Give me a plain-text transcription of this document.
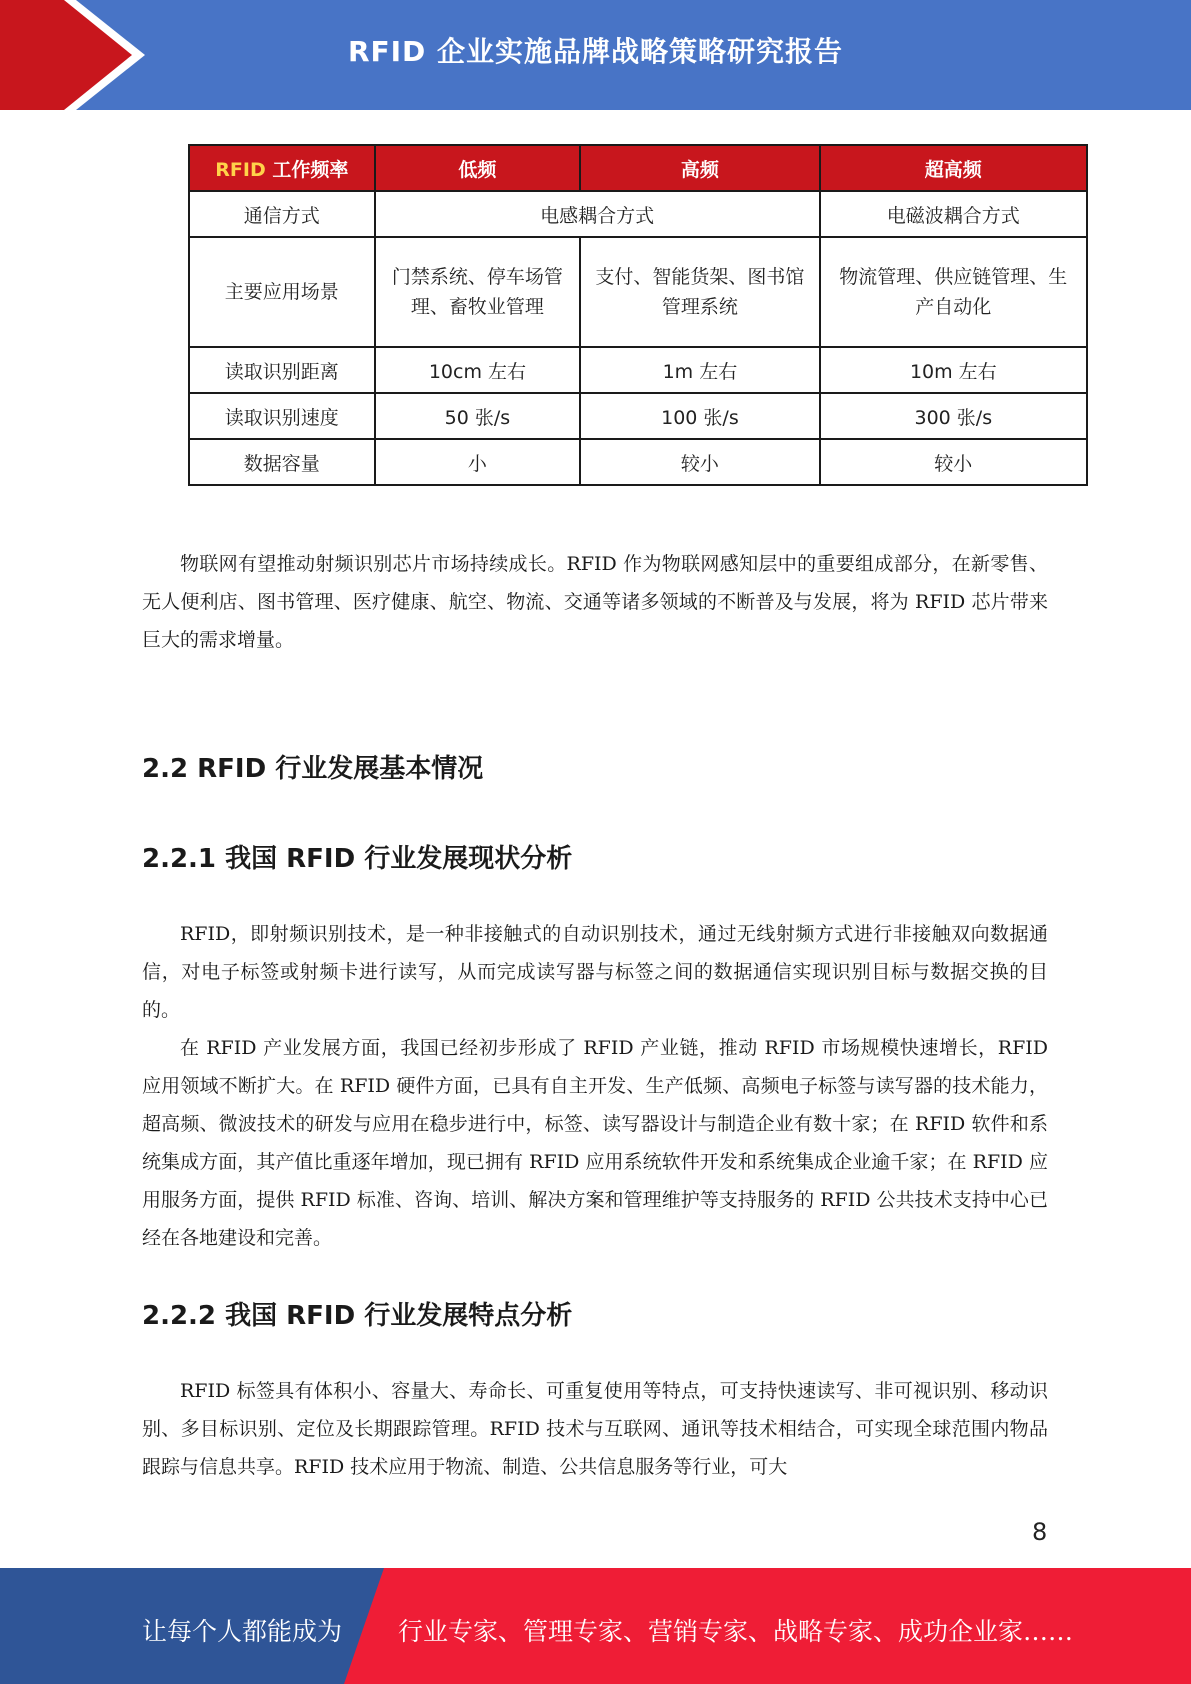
RFID 企业实施品牌战略策略研究报告
RFID 工作频率	低频	高频	超高频
通信方式	电感耦合方式		电磁波耦合方式
主要应用场景	门禁系统、停车场管理、畜牧业管理	支付、智能货架、图书馆管理系统	物流管理、供应链管理、生产自动化
读取识别距离	10cm 左右	1m 左右	10m 左右
读取识别速度	50 张/s	100 张/s	300 张/s
数据容量	小	较小	较小

物联网有望推动射频识别芯片市场持续成长。RFID 作为物联网感知层中的重要组成部分，在新零售、无人便利店、图书管理、医疗健康、航空、物流、交通等诸多领域的不断普及与发展，将为 RFID 芯片带来巨大的需求增量。

2.2 RFID 行业发展基本情况
2.2.1 我国 RFID 行业发展现状分析

RFID，即射频识别技术，是一种非接触式的自动识别技术，通过无线射频方式进行非接触双向数据通信，对电子标签或射频卡进行读写，从而完成读写器与标签之间的数据通信实现识别目标与数据交换的目的。

在 RFID 产业发展方面，我国已经初步形成了 RFID 产业链，推动 RFID 市场规模快速增长，RFID 应用领域不断扩大。在 RFID 硬件方面，已具有自主开发、生产低频、高频电子标签与读写器的技术能力，超高频、微波技术的研发与应用在稳步进行中，标签、读写器设计与制造企业有数十家；在 RFID 软件和系统集成方面，其产值比重逐年增加，现已拥有 RFID 应用系统软件开发和系统集成企业逾千家；在 RFID 应用服务方面，提供 RFID 标准、咨询、培训、解决方案和管理维护等支持服务的 RFID 公共技术支持中心已经在各地建设和完善。

2.2.2 我国 RFID 行业发展特点分析

RFID 标签具有体积小、容量大、寿命长、可重复使用等特点，可支持快速读写、非可视识别、移动识别、多目标识别、定位及长期跟踪管理。RFID 技术与互联网、通讯等技术相结合，可实现全球范围内物品跟踪与信息共享。RFID 技术应用于物流、制造、公共信息服务等行业，可大

8
让每个人都能成为 行业专家、管理专家、营销专家、战略专家、成功企业家……
